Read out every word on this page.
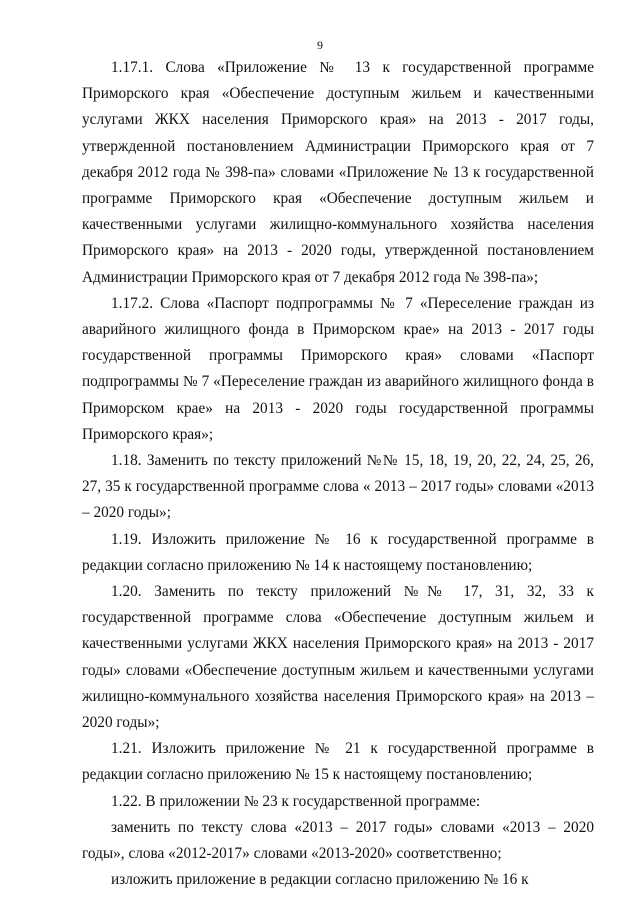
9

1.17.1. Слова «Приложение № 13 к государственной программе Приморского края «Обеспечение доступным жильем и качественными услугами ЖКХ населения Приморского края» на 2013 - 2017 годы, утвержденной постановлением Администрации Приморского края от 7 декабря 2012 года № 398-па» словами «Приложение № 13 к государственной программе Приморского края «Обеспечение доступным жильем и качественными услугами жилищно-коммунального хозяйства населения Приморского края» на 2013 - 2020 годы, утвержденной постановлением Администрации Приморского края от 7 декабря 2012 года № 398-па»;

1.17.2. Слова «Паспорт подпрограммы № 7 «Переселение граждан из аварийного жилищного фонда в Приморском крае» на 2013 - 2017 годы государственной программы Приморского края» словами «Паспорт подпрограммы № 7 «Переселение граждан из аварийного жилищного фонда в Приморском крае» на 2013 - 2020 годы государственной программы Приморского края»;

1.18. Заменить по тексту приложений №№ 15, 18, 19, 20, 22, 24, 25, 26, 27, 35 к государственной программе слова « 2013 – 2017 годы» словами «2013 – 2020 годы»;

1.19. Изложить приложение № 16 к государственной программе в редакции согласно приложению № 14 к настоящему постановлению;

1.20. Заменить по тексту приложений №№ 17, 31, 32, 33 к государственной программе слова «Обеспечение доступным жильем и качественными услугами ЖКХ населения Приморского края» на 2013 - 2017 годы» словами «Обеспечение доступным жильем и качественными услугами жилищно-коммунального хозяйства населения Приморского края» на 2013 –2020 годы»;

1.21. Изложить приложение № 21 к государственной программе в редакции согласно приложению № 15 к настоящему постановлению;

1.22. В приложении № 23 к государственной программе:

заменить по тексту слова «2013 – 2017 годы» словами «2013 – 2020 годы», слова «2012-2017» словами «2013-2020» соответственно;

изложить приложение в редакции согласно приложению № 16 к
